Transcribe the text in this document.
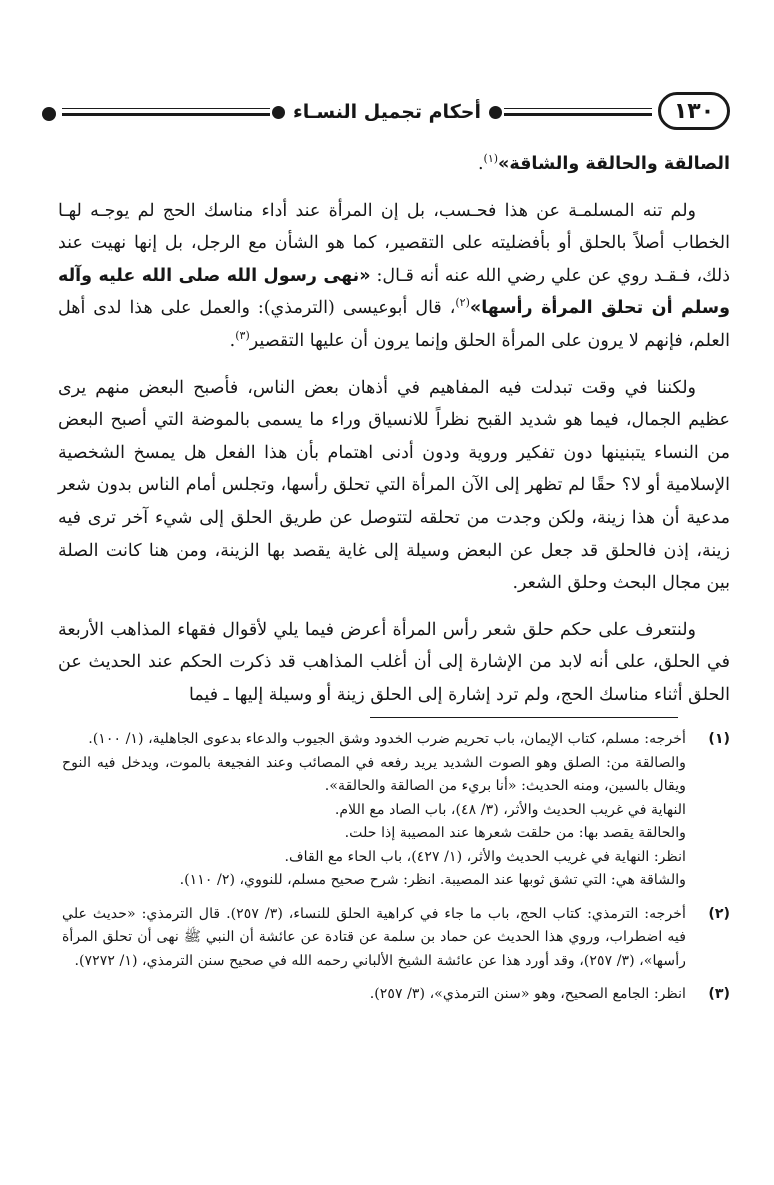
أحكام تجميل النسـاء	١٣٠

الصالقة والحالقة والشاقة»$^{(١)}$.

ولم تنه المسلمـة عن هذا فحـسب، بل إن المرأة عند أداء مناسك الحج لم يوجـه لهـا الخطاب أصلاً بالحلق أو بأفضليته على التقصير، كما هو الشأن مع الرجل، بل إنها نهيت عند ذلك، فـقـد روي عن علي رضي الله عنه أنه قـال: «نهى رسول الله صلى الله عليه وآله وسلم أن تحلق المرأة رأسها»$^{(٢)}$، قال أبوعيسى (الترمذي): والعمل على هذا لدى أهل العلم، فإنهم لا يرون على المرأة الحلق وإنما يرون أن عليها التقصير$^{(٣)}$.

ولكننا في وقت تبدلت فيه المفاهيم في أذهان بعض الناس، فأصبح البعض منهم يرى عظيم الجمال، فيما هو شديد القبح نظراً للانسياق وراء ما يسمى بالموضة التي أصبح البعض من النساء يتبنينها دون تفكير وروية ودون أدنى اهتمام بأن هذا الفعل هل يمسخ الشخصية الإسلامية أو لا؟ حقًا لم تظهر إلى الآن المرأة التي تحلق رأسها، وتجلس أمام الناس بدون شعر مدعية أن هذا زينة، ولكن وجدت من تحلقه لتتوصل عن طريق الحلق إلى شيء آخر ترى فيه زينة، إذن فالحلق قد جعل عن البعض وسيلة إلى غاية يقصد بها الزينة، ومن هنا كانت الصلة بين مجال البحث وحلق الشعر.

ولنتعرف على حكم حلق شعر رأس المرأة أعرض فيما يلي لأقوال فقهاء المذاهب الأربعة في الحلق، على أنه لابد من الإشارة إلى أن أغلب المذاهب قد ذكرت الحكم عند الحديث عن الحلق أثناء مناسك الحج، ولم ترد إشارة إلى الحلق زينة أو وسيلة إليها ـ فيما

(١)
أخرجه: مسلم، كتاب الإيمان، باب تحريم ضرب الخدود وشق الجيوب والدعاء بدعوى الجاهلية، (١/ ١٠٠).
والصالقة من: الصلق وهو الصوت الشديد يريد رفعه في المصائب وعند الفجيعة بالموت، ويدخل فيه النوح ويقال بالسين، ومنه الحديث: «أنا بريء من الصالقة والحالقة».
النهاية في غريب الحديث والأثر، (٣/ ٤٨)، باب الصاد مع اللام.
والحالقة يقصد بها: من حلقت شعرها عند المصيبة إذا حلت.
انظر: النهاية في غريب الحديث والأثر، (١/ ٤٢٧)، باب الحاء مع القاف.
والشاقة هي: التي تشق ثوبها عند المصيبة. انظر: شرح صحيح مسلم، للنووي، (٢/ ١١٠).
(٢)
أخرجه: الترمذي: كتاب الحج، باب ما جاء في كراهية الحلق للنساء، (٣/ ٢٥٧). قال الترمذي: «حديث علي فيه اضطراب، وروي هذا الحديث عن حماد بن سلمة عن قتادة عن عائشة أن النبي ﷺ نهى أن تحلق المرأة رأسها»، (٣/ ٢٥٧)، وقد أورد هذا عن عائشة الشيخ الألباني رحمه الله في صحيح سنن الترمذي، (١/ ٧٢٧٢).
(٣)
انظر: الجامع الصحيح، وهو «سنن الترمذي»، (٣/ ٢٥٧).
